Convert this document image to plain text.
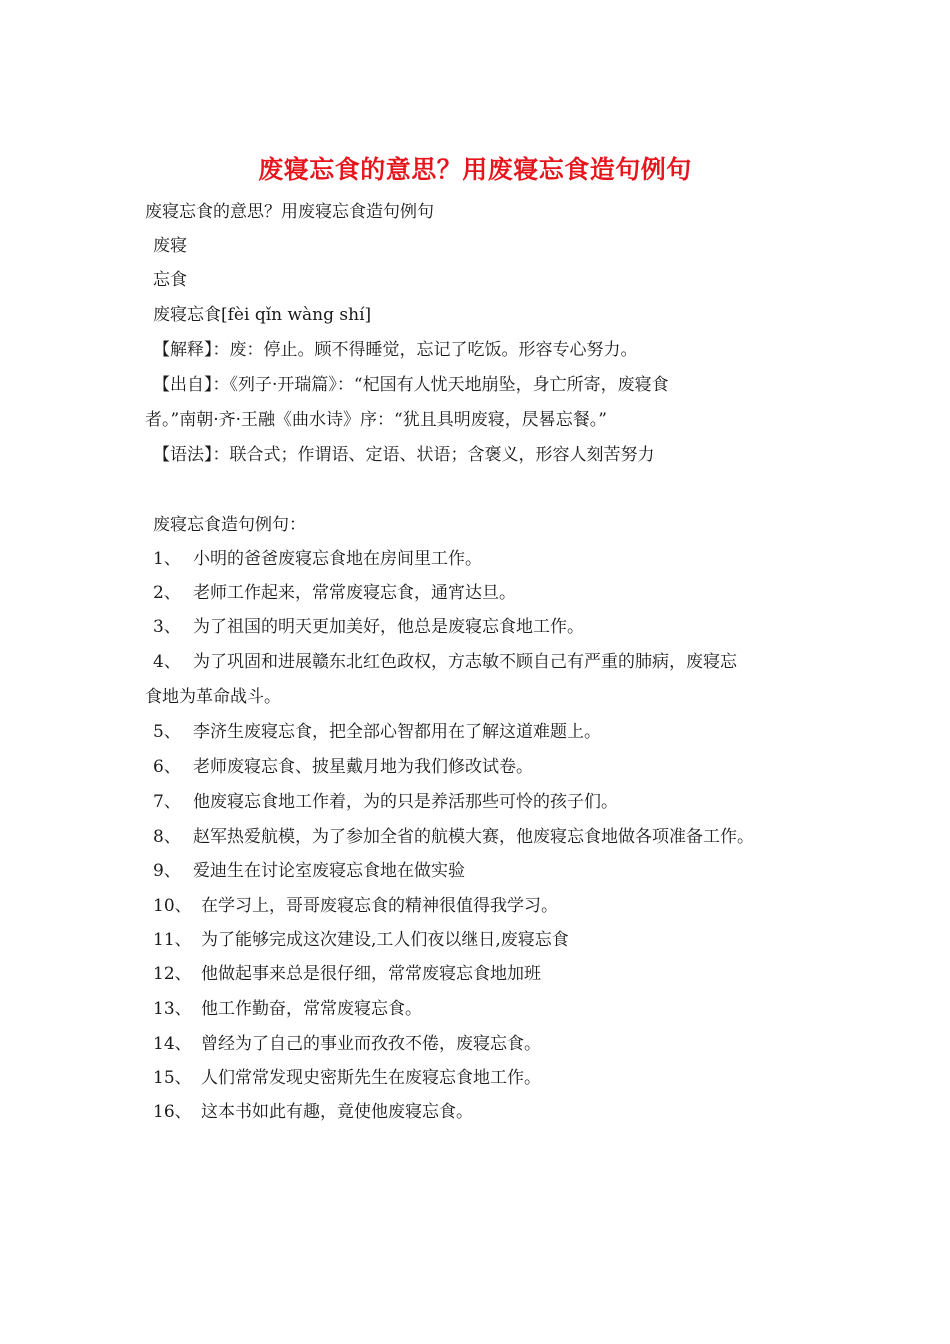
废寝忘食的意思？用废寝忘食造句例句
废寝忘食的意思？用废寝忘食造句例句
废寝
忘食
废寝忘食[fèi qǐn wàng shí]
【解释】：废：停止。顾不得睡觉，忘记了吃饭。形容专心努力。
【出自】：《列子·开瑞篇》：“杞国有人忧天地崩坠，身亡所寄，废寝食
者。”南朝·齐·王融《曲水诗》序：“犹且具明废寝，昃晷忘餐。”
【语法】：联合式；作谓语、定语、状语；含褒义，形容人刻苦努力
废寝忘食造句例句：
1、 小明的爸爸废寝忘食地在房间里工作。
2、 老师工作起来，常常废寝忘食，通宵达旦。
3、 为了祖国的明天更加美好，他总是废寝忘食地工作。
4、 为了巩固和进展赣东北红色政权，方志敏不顾自己有严重的肺病，废寝忘
食地为革命战斗。
5、 李济生废寝忘食，把全部心智都用在了解这道难题上。
6、 老师废寝忘食、披星戴月地为我们修改试卷。
7、 他废寝忘食地工作着，为的只是养活那些可怜的孩子们。
8、 赵军热爱航模，为了参加全省的航模大赛，他废寝忘食地做各项准备工作。
9、 爱迪生在讨论室废寝忘食地在做实验
10、 在学习上，哥哥废寝忘食的精神很值得我学习。
11、 为了能够完成这次建设,工人们夜以继日,废寝忘食
12、 他做起事来总是很仔细，常常废寝忘食地加班
13、 他工作勤奋，常常废寝忘食。
14、 曾经为了自己的事业而孜孜不倦，废寝忘食。
15、 人们常常发现史密斯先生在废寝忘食地工作。
16、 这本书如此有趣，竟使他废寝忘食。
